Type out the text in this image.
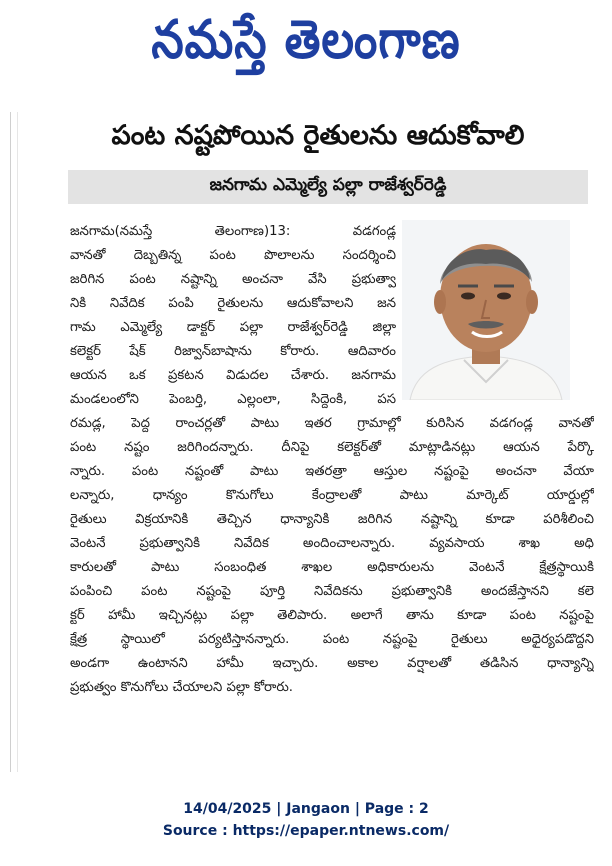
నమస్తే తెలంగాణ
పంట నష్టపోయిన రైతులను ఆదుకోవాలి
జనగామ ఎమ్మెల్యే పల్లా రాజేశ్వర్‌రెడ్డి
జనగామ(నమస్తే తెలంగాణ)13: వడగండ్ల
వానతో దెబ్బతిన్న పంట పొలాలను సందర్శించి
జరిగిన పంట నష్టాన్ని అంచనా వేసి ప్రభుత్వా
నికి నివేదిక పంపి రైతులను ఆదుకోవాలని జన
గామ ఎమ్మెల్యే డాక్టర్ పల్లా రాజేశ్వర్‌రెడ్డి జిల్లా
కలెక్టర్ షేక్ రిజ్వాన్‌బాషాను కోరారు. ఆదివారం
ఆయన ఒక ప్రకటన విడుదల చేశారు. జనగామ
మండలంలోని పెంబర్తి, ఎల్లంలా, సిద్దెంకి, పస
రమడ్ల, పెద్ద రాంచర్లతో పాటు ఇతర గ్రామాల్లో కురిసిన వడగండ్ల వానతో
పంట నష్టం జరిగిందన్నారు. దీనిపై కలెక్టర్‌తో మాట్లాడినట్లు ఆయన పేర్కొ
న్నారు. పంట నష్టంతో పాటు ఇతరత్రా ఆస్తుల నష్టంపై అంచనా వేయా
లన్నారు, ధాన్యం కొనుగోలు కేంద్రాలతో పాటు మార్కెట్ యార్డుల్లో
రైతులు విక్రయానికి తెచ్చిన ధాన్యానికి జరిగిన నష్టాన్ని కూడా పరిశీలించి
వెంటనే ప్రభుత్వానికి నివేదిక అందించాలన్నారు. వ్యవసాయ శాఖ అధి
కారులతో పాటు సంబంధిత శాఖల అధికారులను వెంటనే క్షేత్రస్థాయికి
పంపించి పంట నష్టంపై పూర్తి నివేదికను ప్రభుత్వానికి అందజేస్తానని కలె
క్టర్ హామీ ఇచ్చినట్లు పల్లా తెలిపారు. అలాగే తాను కూడా పంట నష్టంపై
క్షేత్ర స్థాయిలో పర్యటిస్తానన్నారు. పంట నష్టంపై రైతులు అధైర్యపడొద్దని
అండగా ఉంటానని హామీ ఇచ్చారు. అకాల వర్షాలతో తడిసిన ధాన్యాన్ని
ప్రభుత్వం కొనుగోలు చేయాలని పల్లా కోరారు.
14/04/2025 | Jangaon | Page : 2
Source : https://epaper.ntnews.com/
